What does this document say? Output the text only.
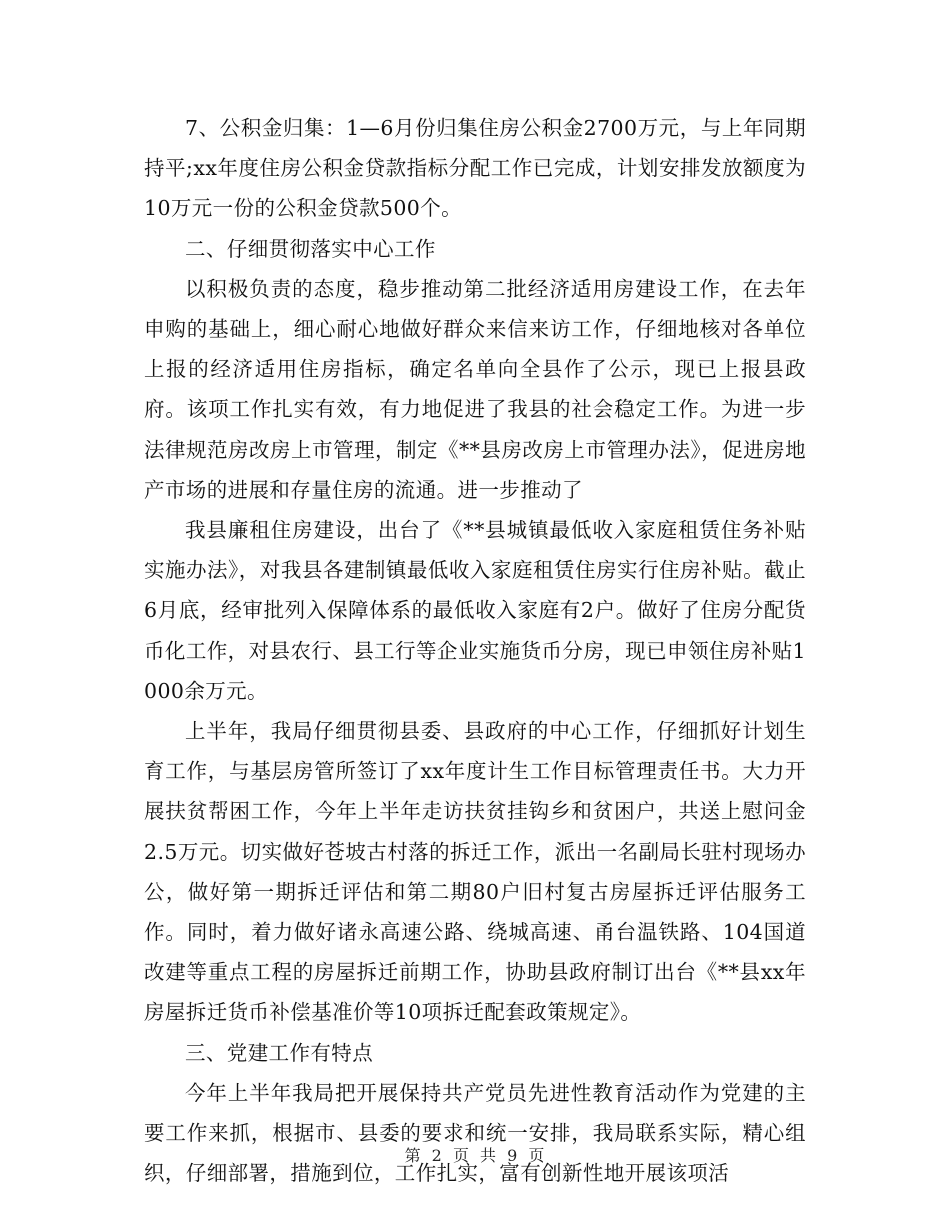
7、公积金归集：1—6月份归集住房公积金2700万元，与上年同期持平;xx年度住房公积金贷款指标分配工作已完成，计划安排发放额度为10万元一份的公积金贷款500个。

二、仔细贯彻落实中心工作

以积极负责的态度，稳步推动第二批经济适用房建设工作，在去年申购的基础上，细心耐心地做好群众来信来访工作，仔细地核对各单位上报的经济适用住房指标，确定名单向全县作了公示，现已上报县政府。该项工作扎实有效，有力地促进了我县的社会稳定工作。为进一步法律规范房改房上市管理，制定《**县房改房上市管理办法》，促进房地产市场的进展和存量住房的流通。进一步推动了

我县廉租住房建设，出台了《**县城镇最低收入家庭租赁住务补贴实施办法》，对我县各建制镇最低收入家庭租赁住房实行住房补贴。截止6月底，经审批列入保障体系的最低收入家庭有2户。做好了住房分配货币化工作，对县农行、县工行等企业实施货币分房，现已申领住房补贴1000余万元。

上半年，我局仔细贯彻县委、县政府的中心工作，仔细抓好计划生育工作，与基层房管所签订了xx年度计生工作目标管理责任书。大力开展扶贫帮困工作，今年上半年走访扶贫挂钩乡和贫困户，共送上慰问金2.5万元。切实做好苍坡古村落的拆迁工作，派出一名副局长驻村现场办公，做好第一期拆迁评估和第二期80户旧村复古房屋拆迁评估服务工作。同时，着力做好诸永高速公路、绕城高速、甬台温铁路、104国道改建等重点工程的房屋拆迁前期工作，协助县政府制订出台《**县xx年房屋拆迁货币补偿基准价等10项拆迁配套政策规定》。

三、党建工作有特点

今年上半年我局把开展保持共产党员先进性教育活动作为党建的主要工作来抓，根据市、县委的要求和统一安排，我局联系实际，精心组织，仔细部署，措施到位，工作扎实，富有创新性地开展该项活

第 2 页 共 9 页
